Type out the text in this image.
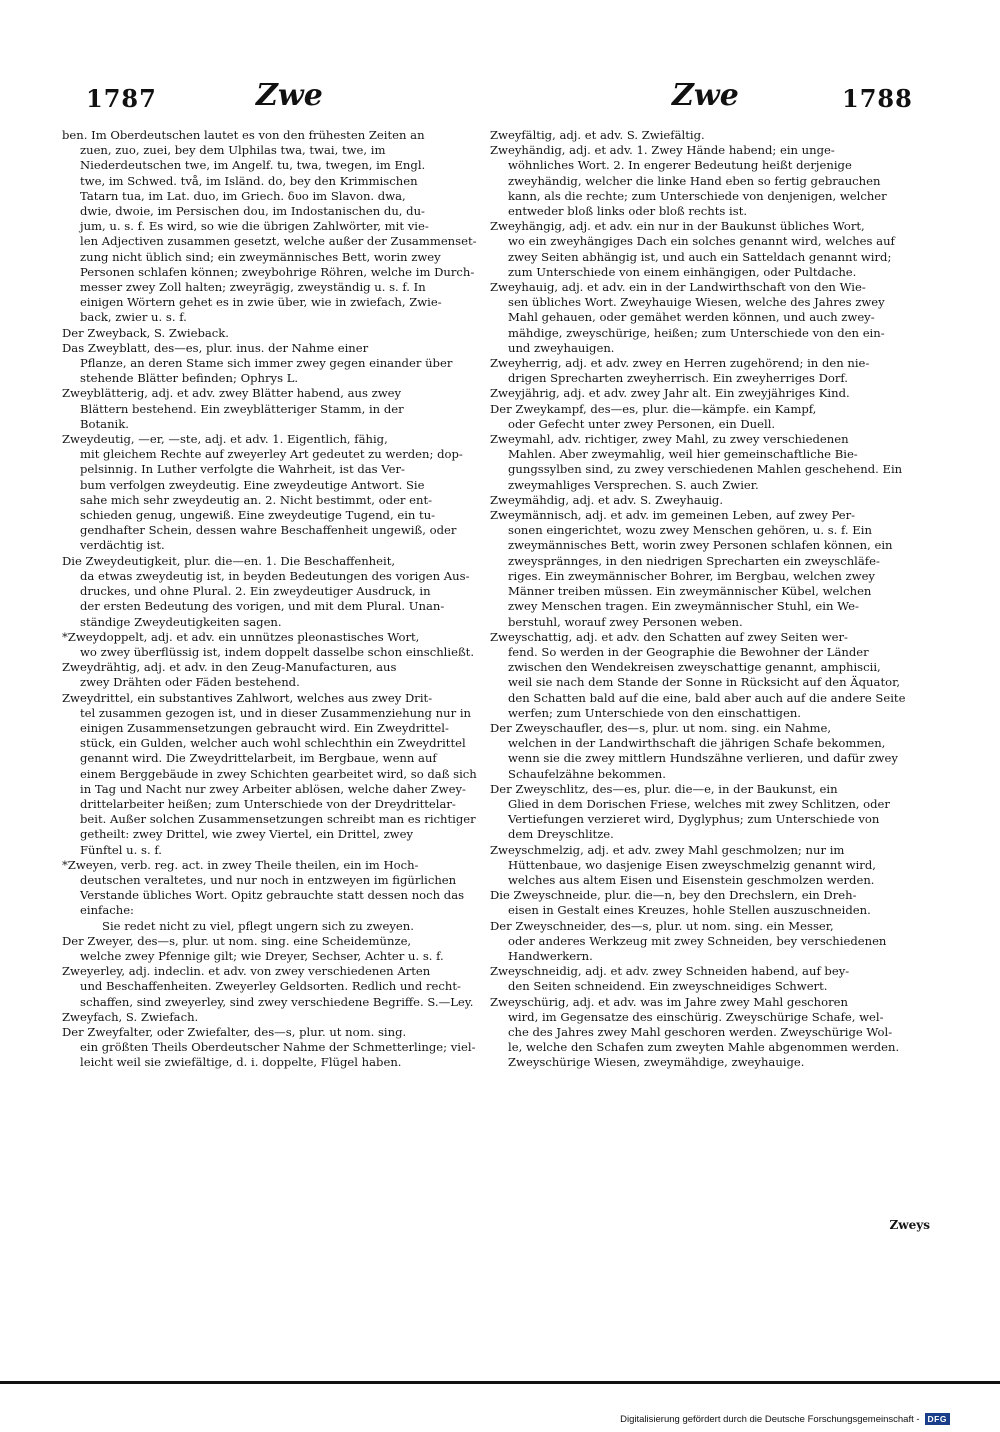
1787	Zwe	Zwe	1788
ben. Im Oberdeutschen lautet es von den frühesten Zeiten an
zuen, zuo, zuei, bey dem Ulphilas twa, twai, twe, im
Niederdeutschen twe, im Angelf. tu, twa, twegen, im Engl.
twe, im Schwed. två, im Isländ. do, bey den Krimmischen
Tatarn tua, im Lat. duo, im Griech. δυο im Slavon. dwa,
dwie, dwoie, im Persischen dou, im Indostanischen du, du-
jum, u. s. f. Es wird, so wie die übrigen Zahlwörter, mit vie-
len Adjectiven zusammen gesetzt, welche außer der Zusammenset-
zung nicht üblich sind; ein zweymännisches Bett, worin zwey
Personen schlafen können; zweybohrige Röhren, welche im Durch-
messer zwey Zoll halten; zweyrägig, zweyständig u. s. f. In
einigen Wörtern gehet es in zwie über, wie in zwiefach, Zwie-
back, zwier u. s. f.
Der Zweyback, S. Zwieback.
Das Zweyblatt, des—es, plur. inus. der Nahme einer
Pflanze, an deren Stame sich immer zwey gegen einander über
stehende Blätter befinden; Ophrys L.
Zweyblätterig, adj. et adv. zwey Blätter habend, aus zwey
Blättern bestehend. Ein zweyblätteriger Stamm, in der
Botanik.
Zweydeutig, —er, —ste, adj. et adv. 1. Eigentlich, fähig,
mit gleichem Rechte auf zweyerley Art gedeutet zu werden; dop-
pelsinnig. In Luther verfolgte die Wahrheit, ist das Ver-
bum verfolgen zweydeutig. Eine zweydeutige Antwort. Sie
sahe mich sehr zweydeutig an. 2. Nicht bestimmt, oder ent-
schieden genug, ungewiß. Eine zweydeutige Tugend, ein tu-
gendhafter Schein, dessen wahre Beschaffenheit ungewiß, oder
verdächtig ist.
Die Zweydeutigkeit, plur. die—en. 1. Die Beschaffenheit,
da etwas zweydeutig ist, in beyden Bedeutungen des vorigen Aus-
druckes, und ohne Plural. 2. Ein zweydeutiger Ausdruck, in
der ersten Bedeutung des vorigen, und mit dem Plural. Unan-
ständige Zweydeutigkeiten sagen.
*Zweydoppelt, adj. et adv. ein unnützes pleonastisches Wort,
wo zwey überflüssig ist, indem doppelt dasselbe schon einschließt.
Zweydrähtig, adj. et adv. in den Zeug-Manufacturen, aus
zwey Drähten oder Fäden bestehend.
Zweydrittel, ein substantives Zahlwort, welches aus zwey Drit-
tel zusammen gezogen ist, und in dieser Zusammenziehung nur in
einigen Zusammensetzungen gebraucht wird. Ein Zweydrittel-
stück, ein Gulden, welcher auch wohl schlechthin ein Zweydrittel
genannt wird. Die Zweydrittelarbeit, im Bergbaue, wenn auf
einem Berggebäude in zwey Schichten gearbeitet wird, so daß sich
in Tag und Nacht nur zwey Arbeiter ablösen, welche daher Zwey-
drittelarbeiter heißen; zum Unterschiede von der Dreydrittelar-
beit. Außer solchen Zusammensetzungen schreibt man es richtiger
getheilt: zwey Drittel, wie zwey Viertel, ein Drittel, zwey
Fünftel u. s. f.
*Zweyen, verb. reg. act. in zwey Theile theilen, ein im Hoch-
deutschen veraltetes, und nur noch in entzweyen im figürlichen
Verstande übliches Wort. Opitz gebrauchte statt dessen noch das
einfache:
Sie redet nicht zu viel, pflegt ungern sich zu zweyen.
Der Zweyer, des—s, plur. ut nom. sing. eine Scheidemünze,
welche zwey Pfennige gilt; wie Dreyer, Sechser, Achter u. s. f.
Zweyerley, adj. indeclin. et adv. von zwey verschiedenen Arten
und Beschaffenheiten. Zweyerley Geldsorten. Redlich und recht-
schaffen, sind zweyerley, sind zwey verschiedene Begriffe. S.—Ley.
Zweyfach, S. Zwiefach.
Der Zweyfalter, oder Zwiefalter, des—s, plur. ut nom. sing.
ein größten Theils Oberdeutscher Nahme der Schmetterlinge; viel-
leicht weil sie zwiefältige, d. i. doppelte, Flügel haben.
Zweyfältig, adj. et adv. S. Zwiefältig.
Zweyhändig, adj. et adv. 1. Zwey Hände habend; ein unge-
wöhnliches Wort. 2. In engerer Bedeutung heißt derjenige
zweyhändig, welcher die linke Hand eben so fertig gebrauchen
kann, als die rechte; zum Unterschiede von denjenigen, welcher
entweder bloß links oder bloß rechts ist.
Zweyhängig, adj. et adv. ein nur in der Baukunst übliches Wort,
wo ein zweyhängiges Dach ein solches genannt wird, welches auf
zwey Seiten abhängig ist, und auch ein Satteldach genannt wird;
zum Unterschiede von einem einhängigen, oder Pultdache.
Zweyhauig, adj. et adv. ein in der Landwirthschaft von den Wie-
sen übliches Wort. Zweyhauige Wiesen, welche des Jahres zwey
Mahl gehauen, oder gemähet werden können, und auch zwey-
mähdige, zweyschürige, heißen; zum Unterschiede von den ein-
und zweyhauigen.
Zweyherrig, adj. et adv. zwey en Herren zugehörend; in den nie-
drigen Sprecharten zweyherrisch. Ein zweyherriges Dorf.
Zweyjährig, adj. et adv. zwey Jahr alt. Ein zweyjähriges Kind.
Der Zweykampf, des—es, plur. die—kämpfe. ein Kampf,
oder Gefecht unter zwey Personen, ein Duell.
Zweymahl, adv. richtiger, zwey Mahl, zu zwey verschiedenen
Mahlen. Aber zweymahlig, weil hier gemeinschaftliche Bie-
gungssylben sind, zu zwey verschiedenen Mahlen geschehend. Ein
zweymahliges Versprechen. S. auch Zwier.
Zweymähdig, adj. et adv. S. Zweyhauig.
Zweymännisch, adj. et adv. im gemeinen Leben, auf zwey Per-
sonen eingerichtet, wozu zwey Menschen gehören, u. s. f. Ein
zweymännisches Bett, worin zwey Personen schlafen können, ein
zweysprännges, in den niedrigen Sprecharten ein zweyschläfe-
riges. Ein zweymännischer Bohrer, im Bergbau, welchen zwey
Männer treiben müssen. Ein zweymännischer Kübel, welchen
zwey Menschen tragen. Ein zweymännischer Stuhl, ein We-
berstuhl, worauf zwey Personen weben.
Zweyschattig, adj. et adv. den Schatten auf zwey Seiten wer-
fend. So werden in der Geographie die Bewohner der Länder
zwischen den Wendekreisen zweyschattige genannt, amphiscii,
weil sie nach dem Stande der Sonne in Rücksicht auf den Äquator,
den Schatten bald auf die eine, bald aber auch auf die andere Seite
werfen; zum Unterschiede von den einschattigen.
Der Zweyschaufler, des—s, plur. ut nom. sing. ein Nahme,
welchen in der Landwirthschaft die jährigen Schafe bekommen,
wenn sie die zwey mittlern Hundszähne verlieren, und dafür zwey
Schaufelzähne bekommen.
Der Zweyschlitz, des—es, plur. die—e, in der Baukunst, ein
Glied in dem Dorischen Friese, welches mit zwey Schlitzen, oder
Vertiefungen verzieret wird, Dyglyphus; zum Unterschiede von
dem Dreyschlitze.
Zweyschmelzig, adj. et adv. zwey Mahl geschmolzen; nur im
Hüttenbaue, wo dasjenige Eisen zweyschmelzig genannt wird,
welches aus altem Eisen und Eisenstein geschmolzen werden.
Die Zweyschneide, plur. die—n, bey den Drechslern, ein Dreh-
eisen in Gestalt eines Kreuzes, hohle Stellen auszuschneiden.
Der Zweyschneider, des—s, plur. ut nom. sing. ein Messer,
oder anderes Werkzeug mit zwey Schneiden, bey verschiedenen
Handwerkern.
Zweyschneidig, adj. et adv. zwey Schneiden habend, auf bey-
den Seiten schneidend. Ein zweyschneidiges Schwert.
Zweyschürig, adj. et adv. was im Jahre zwey Mahl geschoren
wird, im Gegensatze des einschürig. Zweyschürige Schafe, wel-
che des Jahres zwey Mahl geschoren werden. Zweyschürige Wol-
le, welche den Schafen zum zweyten Mahle abgenommen werden.
Zweyschürige Wiesen, zweymähdige, zweyhauige.
Zweys
Digitalisierung gefördert durch die Deutsche Forschungsgemeinschaft - DFG
